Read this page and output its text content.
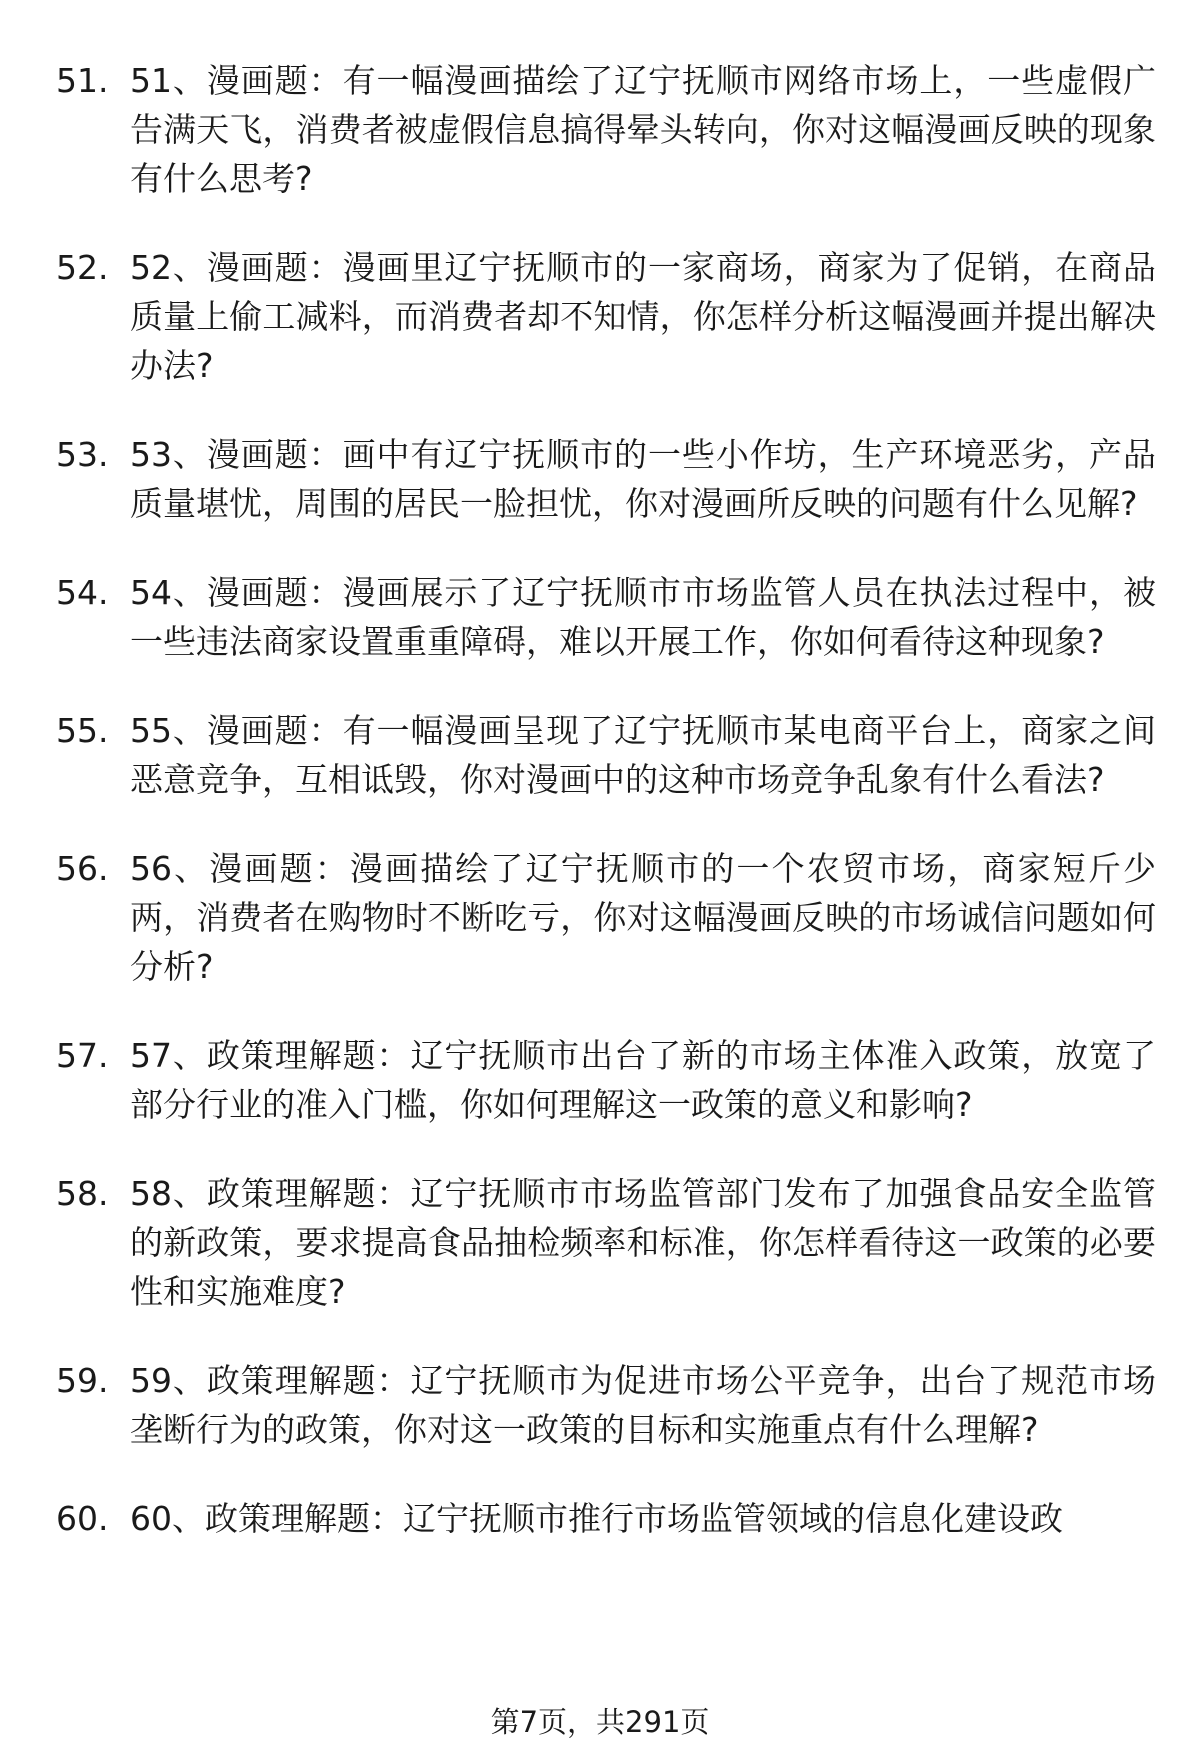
51. 51、漫画题：有一幅漫画描绘了辽宁抚顺市网络市场上，一些虚假广告满天飞，消费者被虚假信息搞得晕头转向，你对这幅漫画反映的现象有什么思考?
52. 52、漫画题：漫画里辽宁抚顺市的一家商场，商家为了促销，在商品质量上偷工减料，而消费者却不知情，你怎样分析这幅漫画并提出解决办法?
53. 53、漫画题：画中有辽宁抚顺市的一些小作坊，生产环境恶劣，产品质量堪忧，周围的居民一脸担忧，你对漫画所反映的问题有什么见解?
54. 54、漫画题：漫画展示了辽宁抚顺市市场监管人员在执法过程中，被一些违法商家设置重重障碍，难以开展工作，你如何看待这种现象?
55. 55、漫画题：有一幅漫画呈现了辽宁抚顺市某电商平台上，商家之间恶意竞争，互相诋毁，你对漫画中的这种市场竞争乱象有什么看法?
56. 56、漫画题：漫画描绘了辽宁抚顺市的一个农贸市场，商家短斤少两，消费者在购物时不断吃亏，你对这幅漫画反映的市场诚信问题如何分析?
57. 57、政策理解题：辽宁抚顺市出台了新的市场主体准入政策，放宽了部分行业的准入门槛，你如何理解这一政策的意义和影响?
58. 58、政策理解题：辽宁抚顺市市场监管部门发布了加强食品安全监管的新政策，要求提高食品抽检频率和标准，你怎样看待这一政策的必要性和实施难度?
59. 59、政策理解题：辽宁抚顺市为促进市场公平竞争，出台了规范市场垄断行为的政策，你对这一政策的目标和实施重点有什么理解?
60. 60、政策理解题：辽宁抚顺市推行市场监管领域的信息化建设政
第7页，共291页
